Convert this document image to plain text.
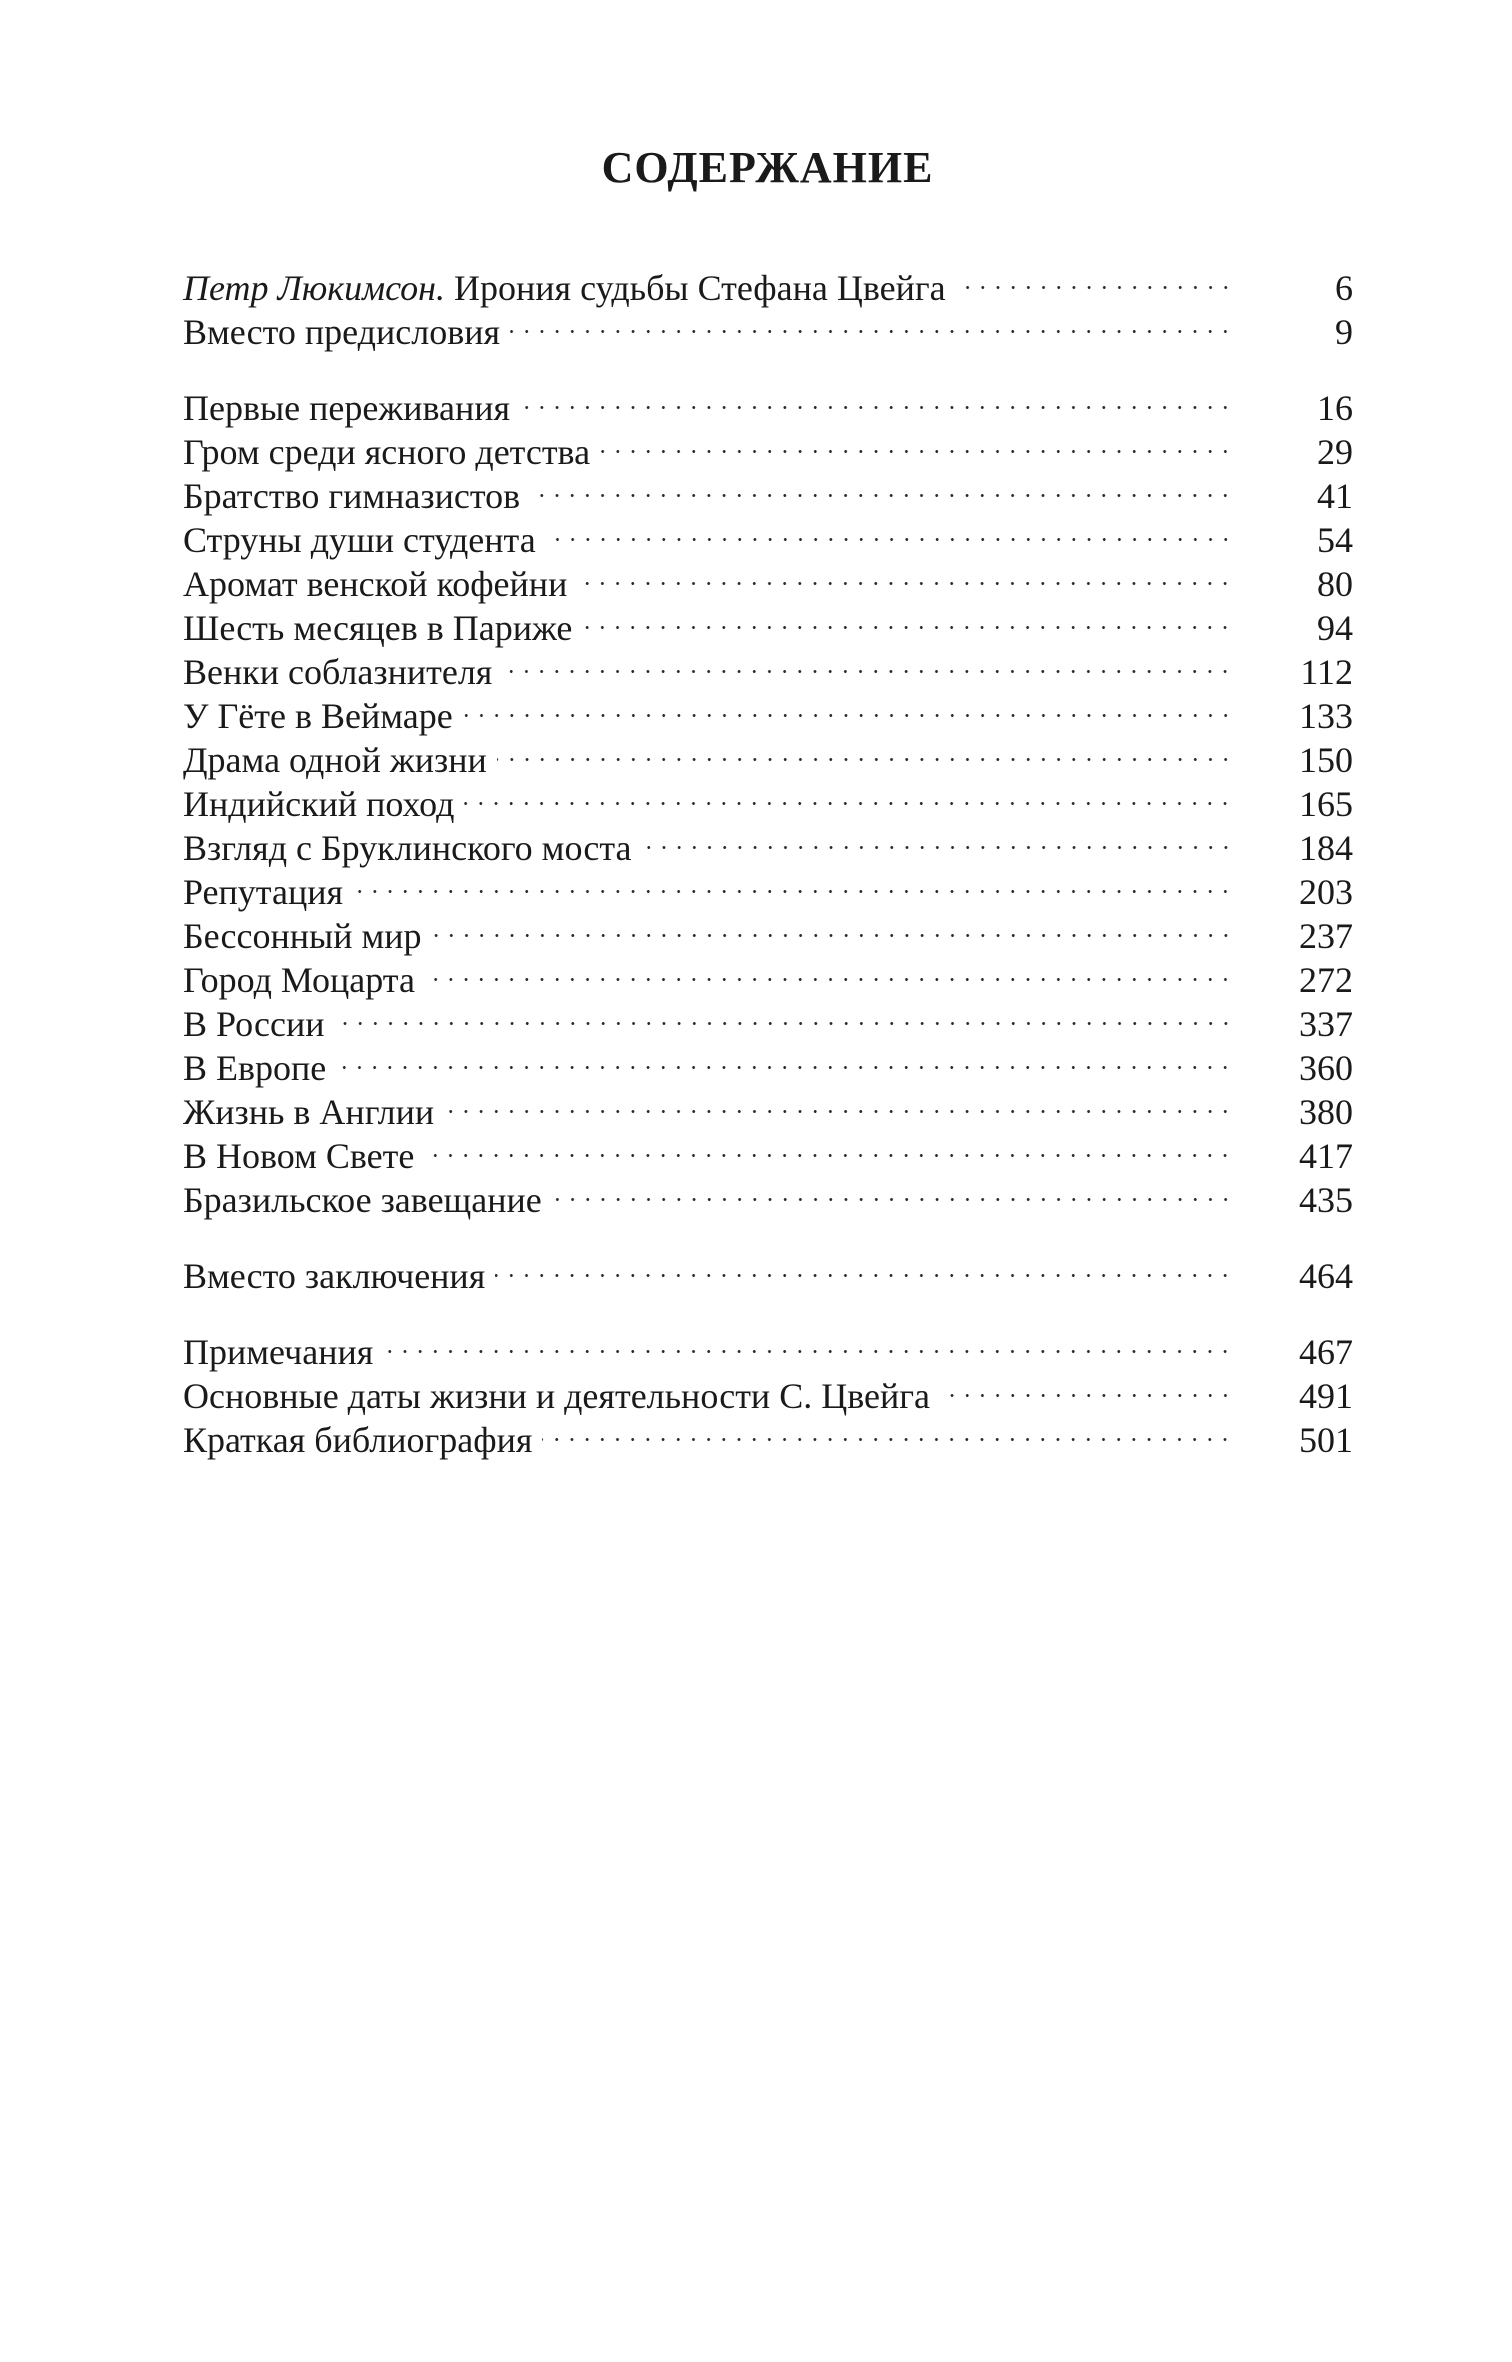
СОДЕРЖАНИЕ
Петр Люкимсон. Ирония судьбы Стефана Цвейга	6
Вместо предисловия	9
Первые переживания	16
Гром среди ясного детства	29
Братство гимназистов	41
Струны души студента	54
Аромат венской кофейни	80
Шесть месяцев в Париже	94
Венки соблазнителя	112
У Гёте в Веймаре	133
Драма одной жизни	150
Индийский поход	165
Взгляд с Бруклинского моста	184
Репутация	203
Бессонный мир	237
Город Моцарта	272
В России	337
В Европе	360
Жизнь в Англии	380
В Новом Свете	417
Бразильское завещание	435
Вместо заключения	464
Примечания	467
Основные даты жизни и деятельности С. Цвейга	491
Краткая библиография	501
